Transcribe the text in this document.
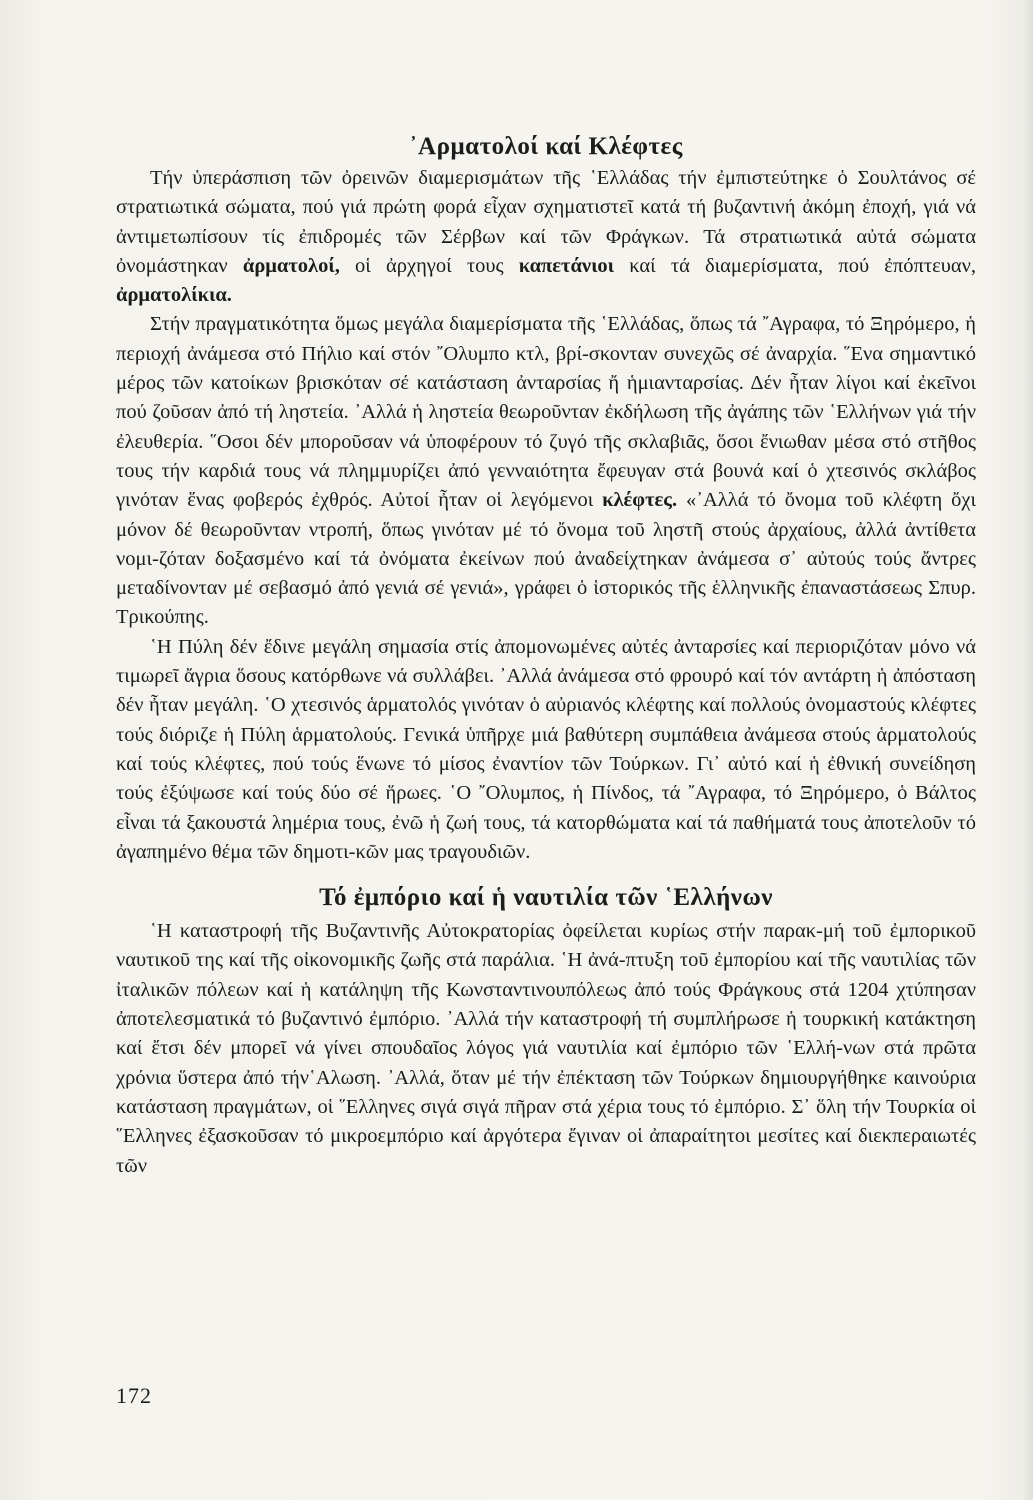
᾿Αρματολοί καί Κλέφτες

Τήν ὑπεράσπιση τῶν ὀρεινῶν διαμερισμάτων τῆς ῾Ελλάδας τήν ἐμπιστεύτηκε ὁ Σουλτάνος σέ στρατιωτικά σώματα, πού γιά πρώτη φορά εἶχαν σχηματιστεῖ κατά τή βυζαντινή ἀκόμη ἐποχή, γιά νά ἀντιμετωπίσουν τίς ἐπιδρομές τῶν Σέρβων καί τῶν Φράγκων. Τά στρατιωτικά αὐτά σώματα ὀνομάστηκαν ἀρματολοί, οἱ ἀρχηγοί τους καπετάνιοι καί τά διαμερίσματα, πού ἐπόπτευαν, ἀρματολίκια.

Στήν πραγματικότητα ὅμως μεγάλα διαμερίσματα τῆς ῾Ελλάδας, ὅπως τά ῎Αγραφα, τό Ξηρόμερο, ἡ περιοχή ἀνάμεσα στό Πήλιο καί στόν ῎Ολυμπο κτλ, βρί-σκονταν συνεχῶς σέ ἀναρχία. ῞Ενα σημαντικό μέρος τῶν κατοίκων βρισκόταν σέ κατάσταση ἀνταρσίας ἤ ἡμιανταρσίας. Δέν ἦταν λίγοι καί ἐκεῖνοι πού ζοῦσαν ἀπό τή ληστεία. ᾿Αλλά ἡ ληστεία θεωροῦνταν ἐκδήλωση τῆς ἀγάπης τῶν ῾Ελλήνων γιά τήν ἐλευθερία. ῞Οσοι δέν μποροῦσαν νά ὑποφέρουν τό ζυγό τῆς σκλαβιᾶς, ὅσοι ἔνιωθαν μέσα στό στῆθος τους τήν καρδιά τους νά πλημμυρίζει ἀπό γενναιότητα ἔφευγαν στά βουνά καί ὁ χτεσινός σκλάβος γινόταν ἕνας φοβερός ἐχθρός. Αὐτοί ἦταν οἱ λεγόμενοι κλέφτες. «᾿Αλλά τό ὄνομα τοῦ κλέφτη ὄχι μόνον δέ θεωροῦνταν ντροπή, ὅπως γινόταν μέ τό ὄνομα τοῦ ληστῆ στούς ἀρχαίους, ἀλλά ἀντίθετα νομι-ζόταν δοξασμένο καί τά ὀνόματα ἐκείνων πού ἀναδείχτηκαν ἀνάμεσα σ᾿ αὐτούς τούς ἄντρες μεταδίνονταν μέ σεβασμό ἀπό γενιά σέ γενιά», γράφει ὁ ἱστορικός τῆς ἑλληνικῆς ἐπαναστάσεως Σπυρ. Τρικούπης.

῾Η Πύλη δέν ἔδινε μεγάλη σημασία στίς ἀπομονωμένες αὐτές ἀνταρσίες καί περιοριζόταν μόνο νά τιμωρεῖ ἄγρια ὅσους κατόρθωνε νά συλλάβει. ᾿Αλλά ἀνάμεσα στό φρουρό καί τόν αντάρτη ἡ ἀπόσταση δέν ἦταν μεγάλη. ῾Ο χτεσινός ἁρματολός γινόταν ὁ αὐριανός κλέφτης καί πολλούς ὀνομαστούς κλέφτες τούς διόριζε ἡ Πύλη ἁρματολούς. Γενικά ὑπῆρχε μιά βαθύτερη συμπάθεια ἀνάμεσα στούς ἁρματολούς καί τούς κλέφτες, πού τούς ἕνωνε τό μίσος ἐναντίον τῶν Τούρκων. Γι᾿ αὐτό καί ἡ ἐθνική συνείδηση τούς ἐξύψωσε καί τούς δύο σέ ἥρωες. ῾Ο ῎Ολυμπος, ἡ Πίνδος, τά ῎Αγραφα, τό Ξηρόμερο, ὁ Βάλτος εἶναι τά ξακουστά λημέρια τους, ἐνῶ ἡ ζωή τους, τά κατορθώματα καί τά παθήματά τους ἀποτελοῦν τό ἀγαπημένο θέμα τῶν δημοτι-κῶν μας τραγουδιῶν.

Τό ἐμπόριο καί ἡ ναυτιλία τῶν ῾Ελλήνων

῾Η καταστροφή τῆς Βυζαντινῆς Αὐτοκρατορίας ὀφείλεται κυρίως στήν παρακ-μή τοῦ ἐμπορικοῦ ναυτικοῦ της καί τῆς οἰκονομικῆς ζωῆς στά παράλια. ῾Η ἀνά-πτυξη τοῦ ἐμπορίου καί τῆς ναυτιλίας τῶν ἰταλικῶν πόλεων καί ἡ κατάληψη τῆς Κωνσταντινουπόλεως ἀπό τούς Φράγκους στά 1204 χτύπησαν ἀποτελεσματικά τό βυζαντινό ἐμπόριο. ᾿Αλλά τήν καταστροφή τή συμπλήρωσε ἡ τουρκική κατάκτηση καί ἔτσι δέν μπορεῖ νά γίνει σπουδαῖος λόγος γιά ναυτιλία καί ἐμπόριο τῶν ῾Ελλή-νων στά πρῶτα χρόνια ὕστερα ἀπό τήν῾Αλωση. ᾿Αλλά, ὅταν μέ τήν ἐπέκταση τῶν Τούρκων δημιουργήθηκε καινούρια κατάσταση πραγμάτων, οἱ ῞Ελληνες σιγά σιγά πῆραν στά χέρια τους τό ἐμπόριο. Σ᾿ ὅλη τήν Τουρκία οἱ ῞Ελληνες ἐξασκοῦσαν τό μικροεμπόριο καί ἀργότερα ἔγιναν οἱ ἀπαραίτητοι μεσίτες καί διεκπεραιωτές τῶν

172
